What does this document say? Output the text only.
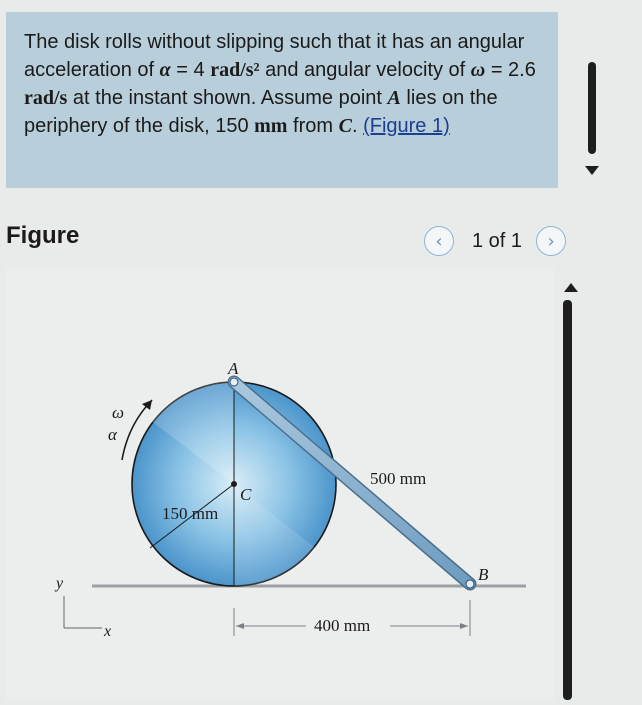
The disk rolls without slipping such that it has an angular acceleration of α = 4 rad/s² and angular velocity of ω = 2.6 rad/s at the instant shown. Assume point A lies on the periphery of the disk, 150 mm from C. (Figure 1)
Figure	‹ 1 of 1 ›
A
B
C
ω
α
150 mm
500 mm
400 mm
y
x
